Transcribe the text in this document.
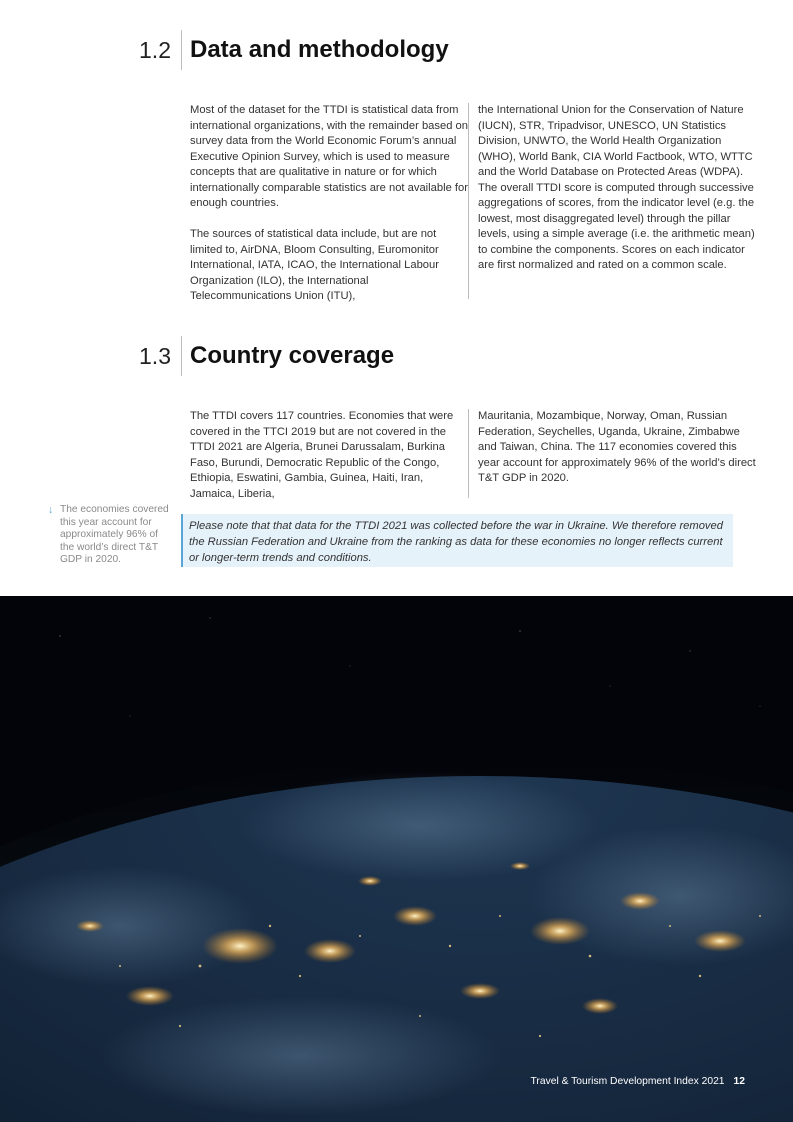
1.2 Data and methodology

Most of the dataset for the TTDI is statistical data from international organizations, with the remainder based on survey data from the World Economic Forum’s annual Executive Opinion Survey, which is used to measure concepts that are qualitative in nature or for which internationally comparable statistics are not available for enough countries.

The sources of statistical data include, but are not limited to, AirDNA, Bloom Consulting, Euromonitor International, IATA, ICAO, the International Labour Organization (ILO), the International Telecommunications Union (ITU),

the International Union for the Conservation of Nature (IUCN), STR, Tripadvisor, UNESCO, UN Statistics Division, UNWTO, the World Health Organization (WHO), World Bank, CIA World Factbook, WTO, WTTC and the World Database on Protected Areas (WDPA). The overall TTDI score is computed through successive aggregations of scores, from the indicator level (e.g. the lowest, most disaggregated level) through the pillar levels, using a simple average (i.e. the arithmetic mean) to combine the components. Scores on each indicator are first normalized and rated on a common scale.

1.3 Country coverage

The TTDI covers 117 countries. Economies that were covered in the TTCI 2019 but are not covered in the TTDI 2021 are Algeria, Brunei Darussalam, Burkina Faso, Burundi, Democratic Republic of the Congo, Ethiopia, Eswatini, Gambia, Guinea, Haiti, Iran, Jamaica, Liberia,

Mauritania, Mozambique, Norway, Oman, Russian Federation, Seychelles, Uganda, Ukraine, Zimbabwe and Taiwan, China. The 117 economies covered this year account for approximately 96% of the world’s direct T&T GDP in 2020.

↓ The economies covered this year account for approximately 96% of the world’s direct T&T GDP in 2020.
Please note that that data for the TTDI 2021 was collected before the war in Ukraine. We therefore removed the Russian Federation and Ukraine from the ranking as data for these economies no longer reflects current or longer-term trends and conditions.
Travel & Tourism Development Index 2021 12
